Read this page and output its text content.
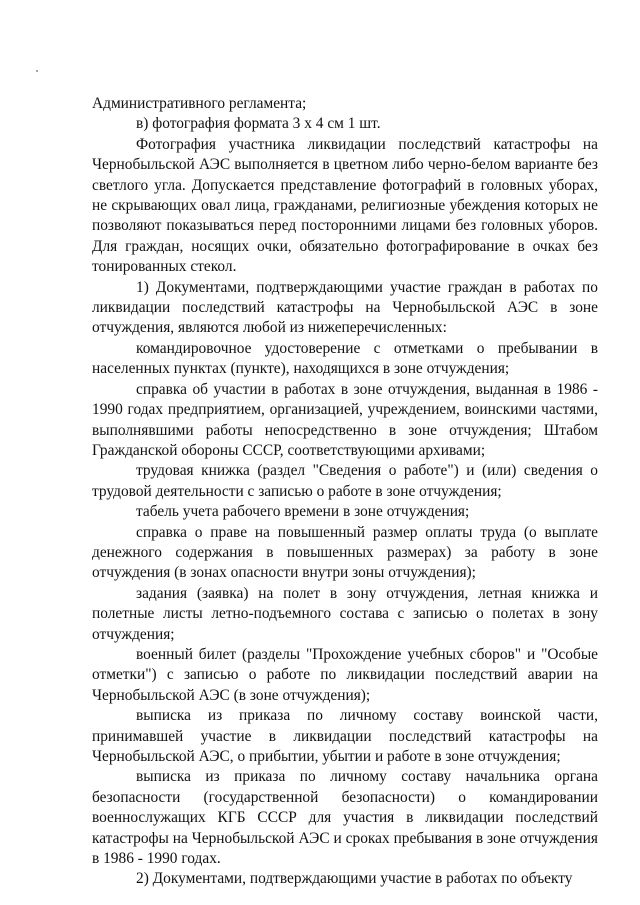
Административного регламента;

в) фотография формата 3 х 4 см 1 шт.

Фотография участника ликвидации последствий катастрофы на Чернобыльской АЭС выполняется в цветном либо черно-белом варианте без светлого угла. Допускается представление фотографий в головных уборах, не скрывающих овал лица, гражданами, религиозные убеждения которых не позволяют показываться перед посторонними лицами без головных уборов. Для граждан, носящих очки, обязательно фотографирование в очках без тонированных стекол.

1) Документами, подтверждающими участие граждан в работах по ликвидации последствий катастрофы на Чернобыльской АЭС в зоне отчуждения, являются любой из нижеперечисленных:

командировочное удостоверение с отметками о пребывании в населенных пунктах (пункте), находящихся в зоне отчуждения;

справка об участии в работах в зоне отчуждения, выданная в 1986 - 1990 годах предприятием, организацией, учреждением, воинскими частями, выполнявшими работы непосредственно в зоне отчуждения; Штабом Гражданской обороны СССР, соответствующими архивами;

трудовая книжка (раздел "Сведения о работе") и (или) сведения о трудовой деятельности с записью о работе в зоне отчуждения;

табель учета рабочего времени в зоне отчуждения;

справка о праве на повышенный размер оплаты труда (о выплате денежного содержания в повышенных размерах) за работу в зоне отчуждения (в зонах опасности внутри зоны отчуждения);

задания (заявка) на полет в зону отчуждения, летная книжка и полетные листы летно-подъемного состава с записью о полетах в зону отчуждения;

военный билет (разделы "Прохождение учебных сборов" и "Особые отметки") с записью о работе по ликвидации последствий аварии на Чернобыльской АЭС (в зоне отчуждения);

выписка из приказа по личному составу воинской части, принимавшей участие в ликвидации последствий катастрофы на Чернобыльской АЭС, о прибытии, убытии и работе в зоне отчуждения;

выписка из приказа по личному составу начальника органа безопасности (государственной безопасности) о командировании военнослужащих КГБ СССР для участия в ликвидации последствий катастрофы на Чернобыльской АЭС и сроках пребывания в зоне отчуждения в 1986 - 1990 годах.

2) Документами, подтверждающими участие в работах по объекту
